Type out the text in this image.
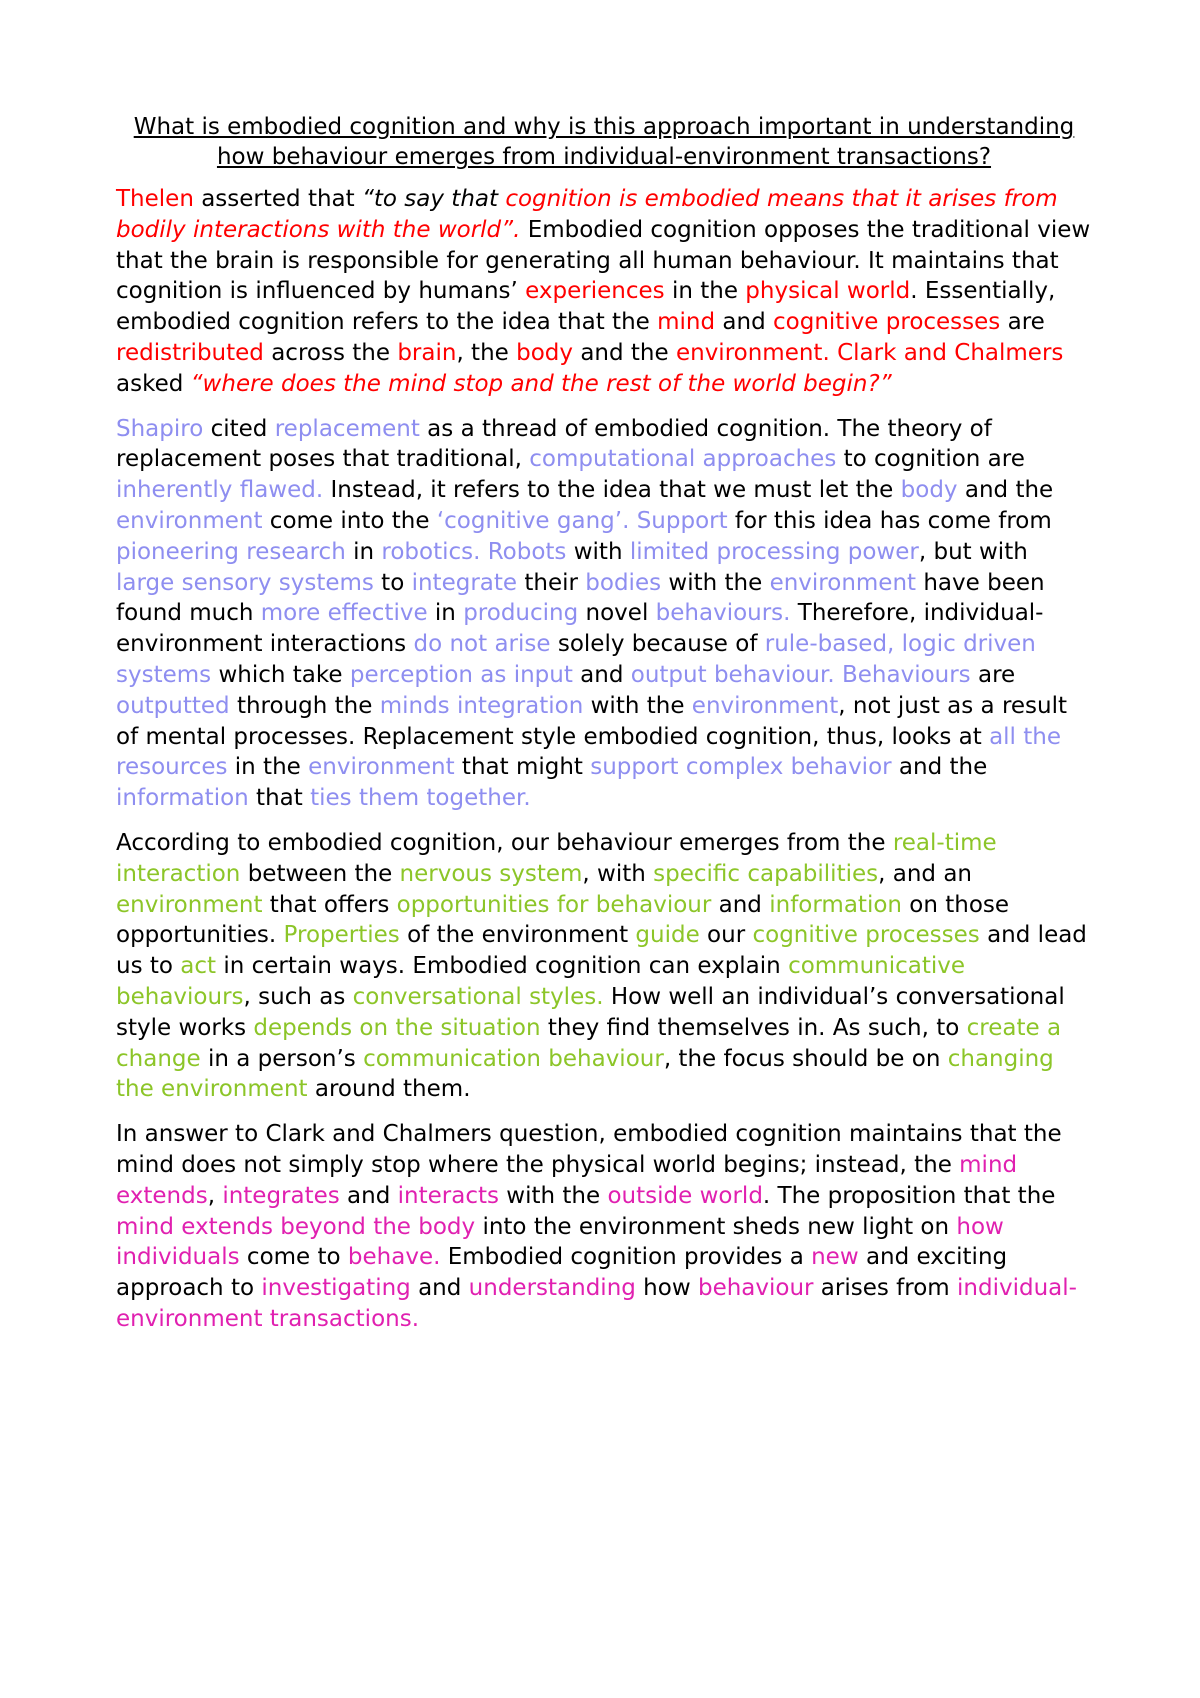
What is embodied cognition and why is this approach important in understanding how behaviour emerges from individual-environment transactions?

Thelen asserted that “to say that cognition is embodied means that it arises from bodily interactions with the world”. Embodied cognition opposes the traditional view that the brain is responsible for generating all human behaviour. It maintains that cognition is influenced by humans’ experiences in the physical world. Essentially, embodied cognition refers to the idea that the mind and cognitive processes are redistributed across the brain, the body and the environment. Clark and Chalmers asked “where does the mind stop and the rest of the world begin?”

Shapiro cited replacement as a thread of embodied cognition. The theory of replacement poses that traditional, computational approaches to cognition are inherently flawed. Instead, it refers to the idea that we must let the body and the environment come into the ‘cognitive gang’. Support for this idea has come from pioneering research in robotics. Robots with limited processing power, but with large sensory systems to integrate their bodies with the environment have been found much more effective in producing novel behaviours. Therefore, individual-environment interactions do not arise solely because of rule-based, logic driven systems which take perception as input and output behaviour. Behaviours are outputted through the minds integration with the environment, not just as a result of mental processes. Replacement style embodied cognition, thus, looks at all the resources in the environment that might support complex behavior and the information that ties them together.

According to embodied cognition, our behaviour emerges from the real-time interaction between the nervous system, with specific capabilities, and an environment that offers opportunities for behaviour and information on those opportunities. Properties of the environment guide our cognitive processes and lead us to act in certain ways. Embodied cognition can explain communicative behaviours, such as conversational styles. How well an individual’s conversational style works depends on the situation they find themselves in. As such, to create a change in a person’s communication behaviour, the focus should be on changing the environment around them.

In answer to Clark and Chalmers question, embodied cognition maintains that the mind does not simply stop where the physical world begins; instead, the mind extends, integrates and interacts with the outside world. The proposition that the mind extends beyond the body into the environment sheds new light on how individuals come to behave. Embodied cognition provides a new and exciting approach to investigating and understanding how behaviour arises from individual-environment transactions.
